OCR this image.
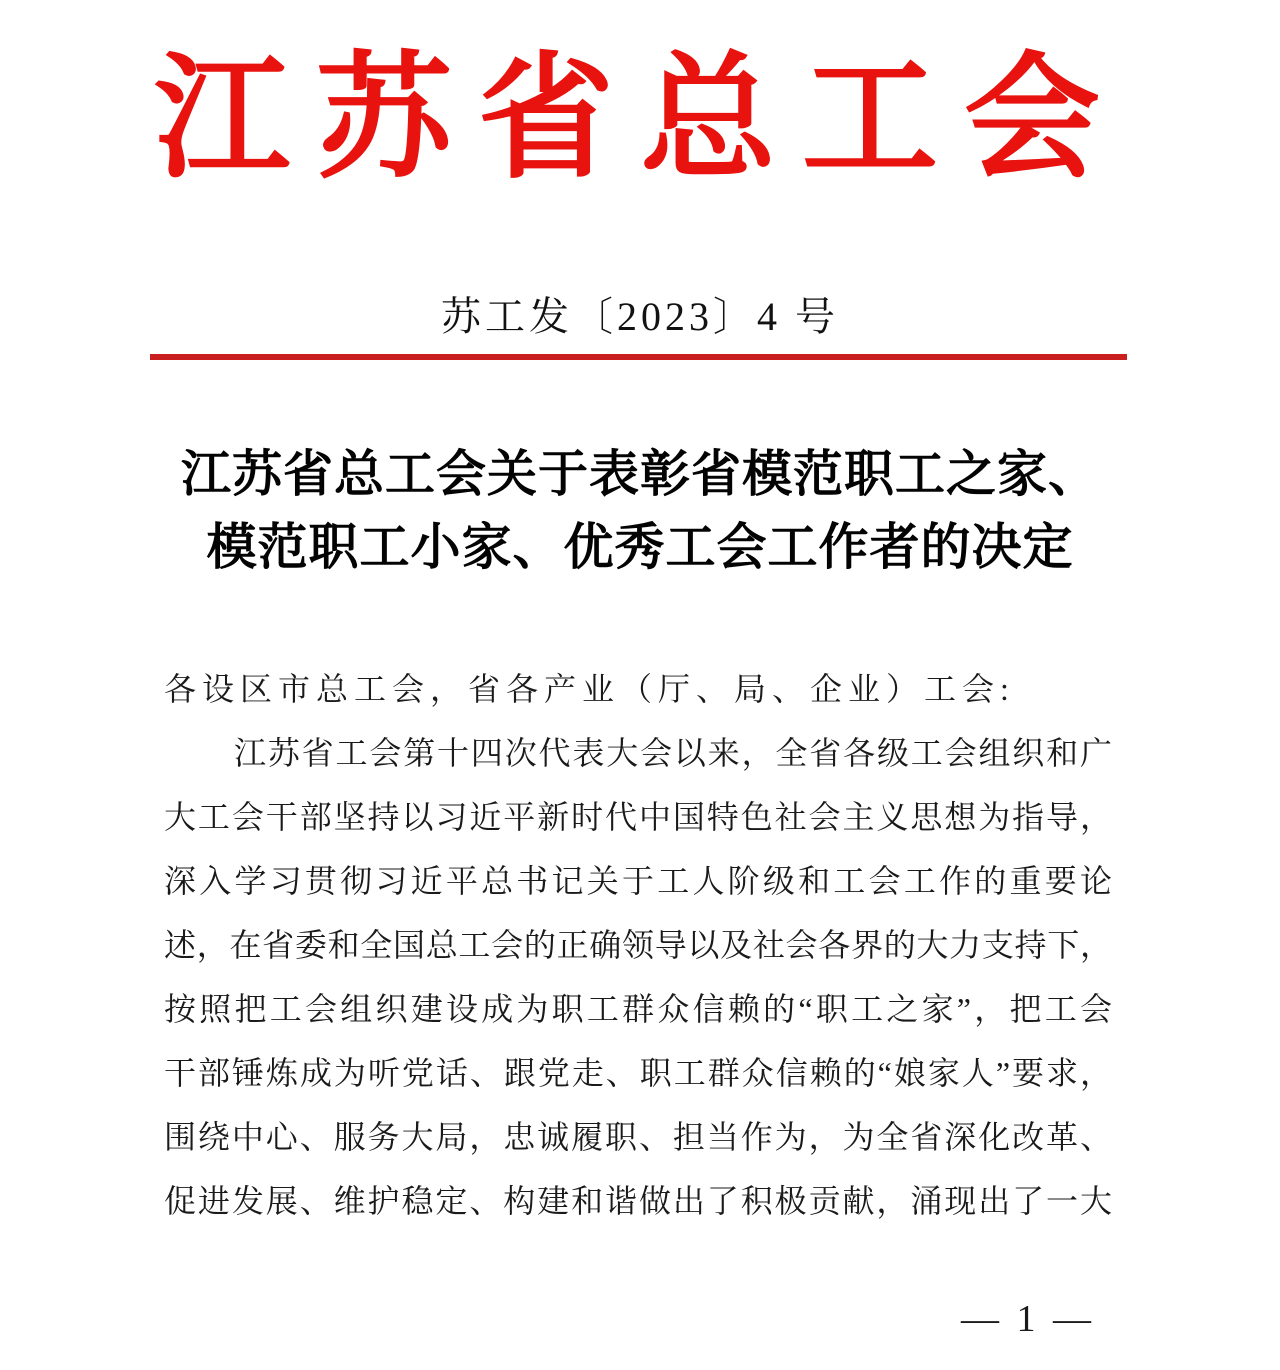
江苏省总工会
苏工发〔2023〕4 号
江苏省总工会关于表彰省模范职工之家、
模范职工小家、优秀工会工作者的决定
各设区市总工会，省各产业（厅、局、企业）工会:
江苏省工会第十四次代表大会以来，全省各级工会组织和广
大工会干部坚持以习近平新时代中国特色社会主义思想为指导，
深入学习贯彻习近平总书记关于工人阶级和工会工作的重要论
述，在省委和全国总工会的正确领导以及社会各界的大力支持下，
按照把工会组织建设成为职工群众信赖的“职工之家”，把工会
干部锤炼成为听党话、跟党走、职工群众信赖的“娘家人”要求，
围绕中心、服务大局，忠诚履职、担当作为，为全省深化改革、
促进发展、维护稳定、构建和谐做出了积极贡献，涌现出了一大
— 1 —
